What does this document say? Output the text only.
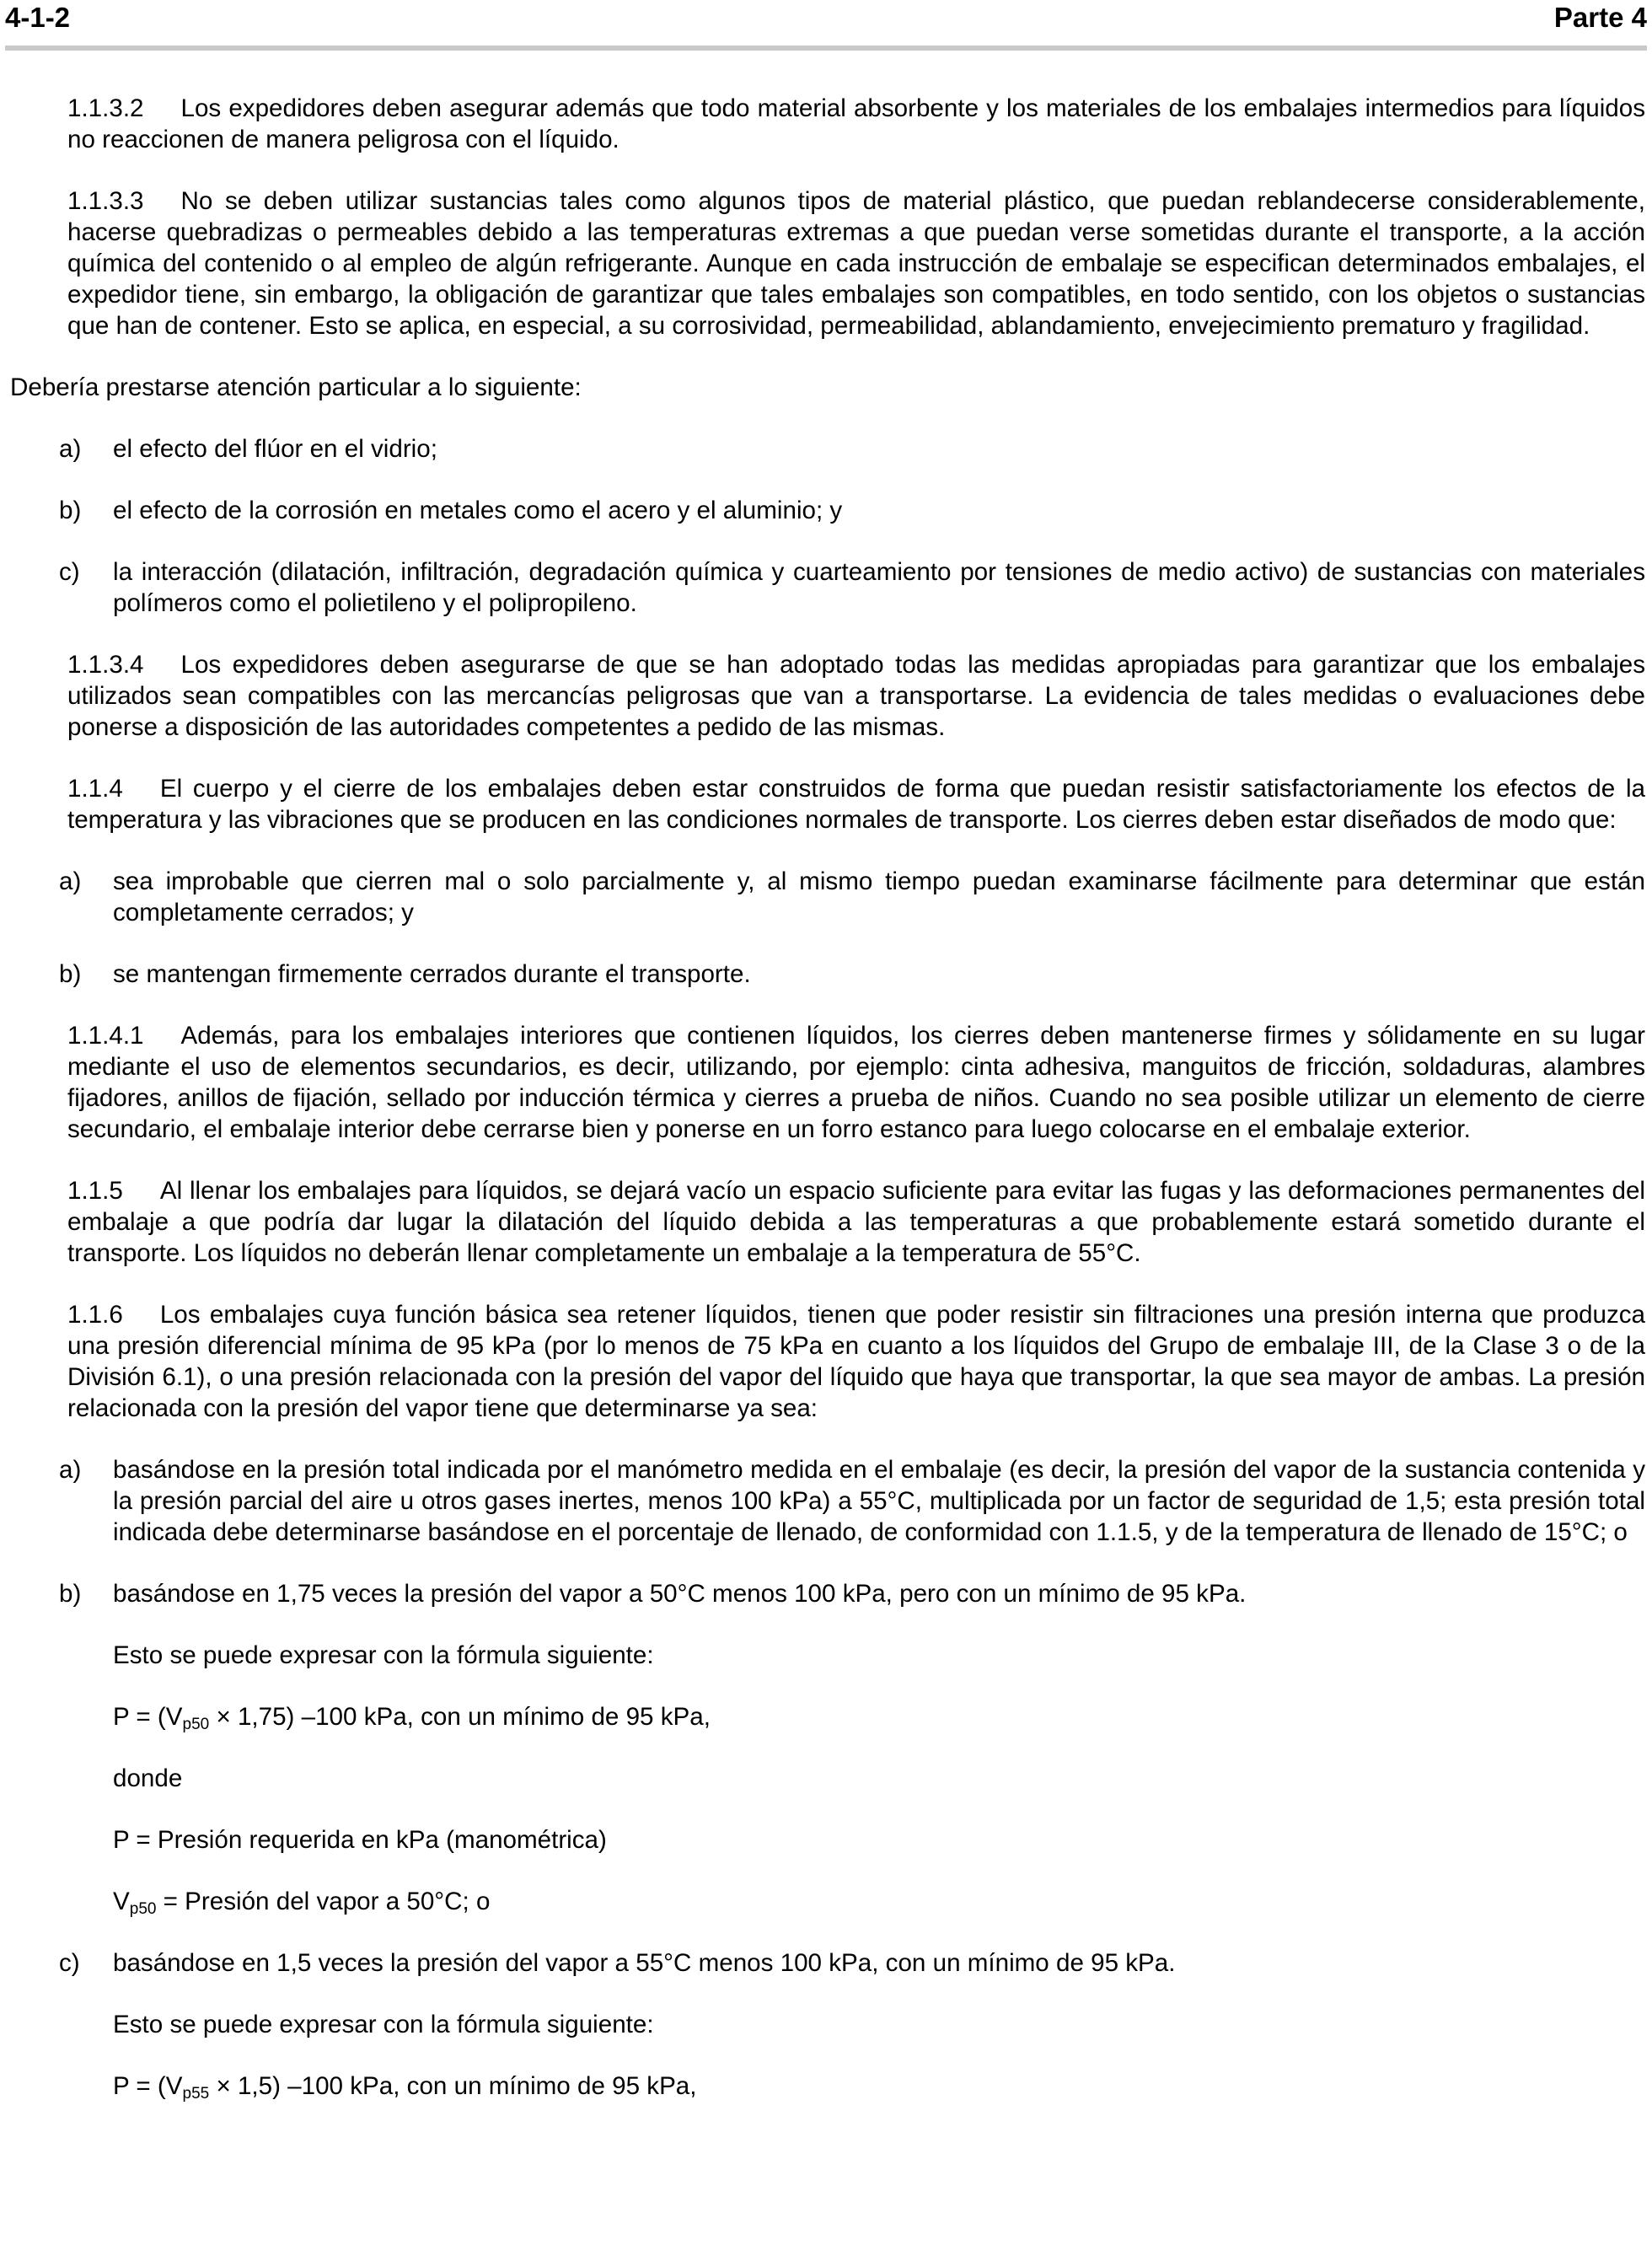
4-1-2	Parte 4
1.1.3.2 Los expedidores deben asegurar además que todo material absorbente y los materiales de los embalajes intermedios para líquidos no reaccionen de manera peligrosa con el líquido.
1.1.3.3 No se deben utilizar sustancias tales como algunos tipos de material plástico, que puedan reblandecerse considerablemente, hacerse quebradizas o permeables debido a las temperaturas extremas a que puedan verse sometidas durante el transporte, a la acción química del contenido o al empleo de algún refrigerante. Aunque en cada instrucción de embalaje se especifican determinados embalajes, el expedidor tiene, sin embargo, la obligación de garantizar que tales embalajes son compatibles, en todo sentido, con los objetos o sustancias que han de contener. Esto se aplica, en especial, a su corrosividad, permeabilidad, ablandamiento, envejecimiento prematuro y fragilidad.
Debería prestarse atención particular a lo siguiente:
a)	el efecto del flúor en el vidrio;
b)	el efecto de la corrosión en metales como el acero y el aluminio; y
c)	la interacción (dilatación, infiltración, degradación química y cuarteamiento por tensiones de medio activo) de sustancias con materiales polímeros como el polietileno y el polipropileno.
1.1.3.4 Los expedidores deben asegurarse de que se han adoptado todas las medidas apropiadas para garantizar que los embalajes utilizados sean compatibles con las mercancías peligrosas que van a transportarse. La evidencia de tales medidas o evaluaciones debe ponerse a disposición de las autoridades competentes a pedido de las mismas.
1.1.4 El cuerpo y el cierre de los embalajes deben estar construidos de forma que puedan resistir satisfactoriamente los efectos de la temperatura y las vibraciones que se producen en las condiciones normales de transporte. Los cierres deben estar diseñados de modo que:
a)	sea improbable que cierren mal o solo parcialmente y, al mismo tiempo puedan examinarse fácilmente para determinar que están completamente cerrados; y
b)	se mantengan firmemente cerrados durante el transporte.
1.1.4.1 Además, para los embalajes interiores que contienen líquidos, los cierres deben mantenerse firmes y sólidamente en su lugar mediante el uso de elementos secundarios, es decir, utilizando, por ejemplo: cinta adhesiva, manguitos de fricción, soldaduras, alambres fijadores, anillos de fijación, sellado por inducción térmica y cierres a prueba de niños. Cuando no sea posible utilizar un elemento de cierre secundario, el embalaje interior debe cerrarse bien y ponerse en un forro estanco para luego colocarse en el embalaje exterior.
1.1.5 Al llenar los embalajes para líquidos, se dejará vacío un espacio suficiente para evitar las fugas y las deformaciones permanentes del embalaje a que podría dar lugar la dilatación del líquido debida a las temperaturas a que probablemente estará sometido durante el transporte. Los líquidos no deberán llenar completamente un embalaje a la temperatura de 55°C.
1.1.6 Los embalajes cuya función básica sea retener líquidos, tienen que poder resistir sin filtraciones una presión interna que produzca una presión diferencial mínima de 95 kPa (por lo menos de 75 kPa en cuanto a los líquidos del Grupo de embalaje III, de la Clase 3 o de la División 6.1), o una presión relacionada con la presión del vapor del líquido que haya que transportar, la que sea mayor de ambas. La presión relacionada con la presión del vapor tiene que determinarse ya sea:
a)	basándose en la presión total indicada por el manómetro medida en el embalaje (es decir, la presión del vapor de la sustancia contenida y la presión parcial del aire u otros gases inertes, menos 100 kPa) a 55°C, multiplicada por un factor de seguridad de 1,5; esta presión total indicada debe determinarse basándose en el porcentaje de llenado, de conformidad con 1.1.5, y de la temperatura de llenado de 15°C; o
b)	basándose en 1,75 veces la presión del vapor a 50°C menos 100 kPa, pero con un mínimo de 95 kPa.
Esto se puede expresar con la fórmula siguiente:
$P = (V_{p50} \times 1,75)$ –100 kPa, con un mínimo de 95 kPa,
donde
P = Presión requerida en kPa (manométrica)
$V_{p50}$ = Presión del vapor a 50°C; o
c)	basándose en 1,5 veces la presión del vapor a 55°C menos 100 kPa, con un mínimo de 95 kPa.
Esto se puede expresar con la fórmula siguiente:
$P = (V_{p55} \times 1,5)$ –100 kPa, con un mínimo de 95 kPa,
